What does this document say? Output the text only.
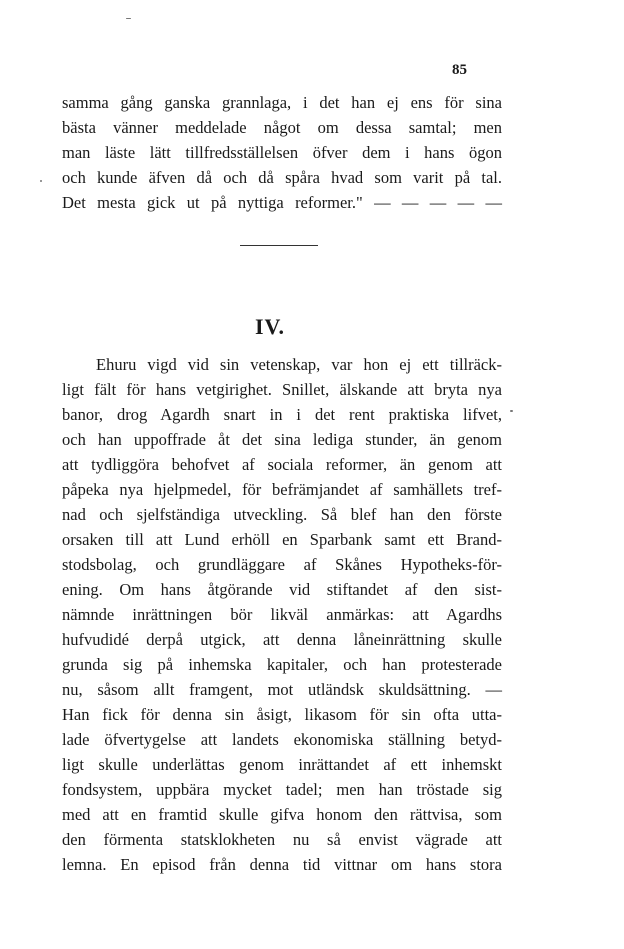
85
samma gång ganska grannlaga, i det han ej ens för sina
bästa vänner meddelade något om dessa samtal; men
man läste lätt tillfredsställelsen öfver dem i hans ögon
och kunde äfven då och då spåra hvad som varit på tal.
Det mesta gick ut på nyttiga reformer." — — — — —
IV.
Ehuru vigd vid sin vetenskap, var hon ej ett tillräck-
ligt fält för hans vetgirighet. Snillet, älskande att bryta nya
banor, drog Agardh snart in i det rent praktiska lifvet,
och han uppoffrade åt det sina lediga stunder, än genom
att tydliggöra behofvet af sociala reformer, än genom att
påpeka nya hjelpmedel, för befrämjandet af samhällets tref-
nad och sjelfständiga utveckling. Så blef han den förste
orsaken till att Lund erhöll en Sparbank samt ett Brand-
stodsbolag, och grundläggare af Skånes Hypotheks-för-
ening. Om hans åtgörande vid stiftandet af den sist-
nämnde inrättningen bör likväl anmärkas: att Agardhs
hufvudidé derpå utgick, att denna låneinrättning skulle
grunda sig på inhemska kapitaler, och han protesterade
nu, såsom allt framgent, mot utländsk skuldsättning. —
Han fick för denna sin åsigt, likasom för sin ofta utta-
lade öfvertygelse att landets ekonomiska ställning betyd-
ligt skulle underlättas genom inrättandet af ett inhemskt
fondsystem, uppbära mycket tadel; men han tröstade sig
med att en framtid skulle gifva honom den rättvisa, som
den förmenta statsklokheten nu så envist vägrade att
lemna. En episod från denna tid vittnar om hans stora
